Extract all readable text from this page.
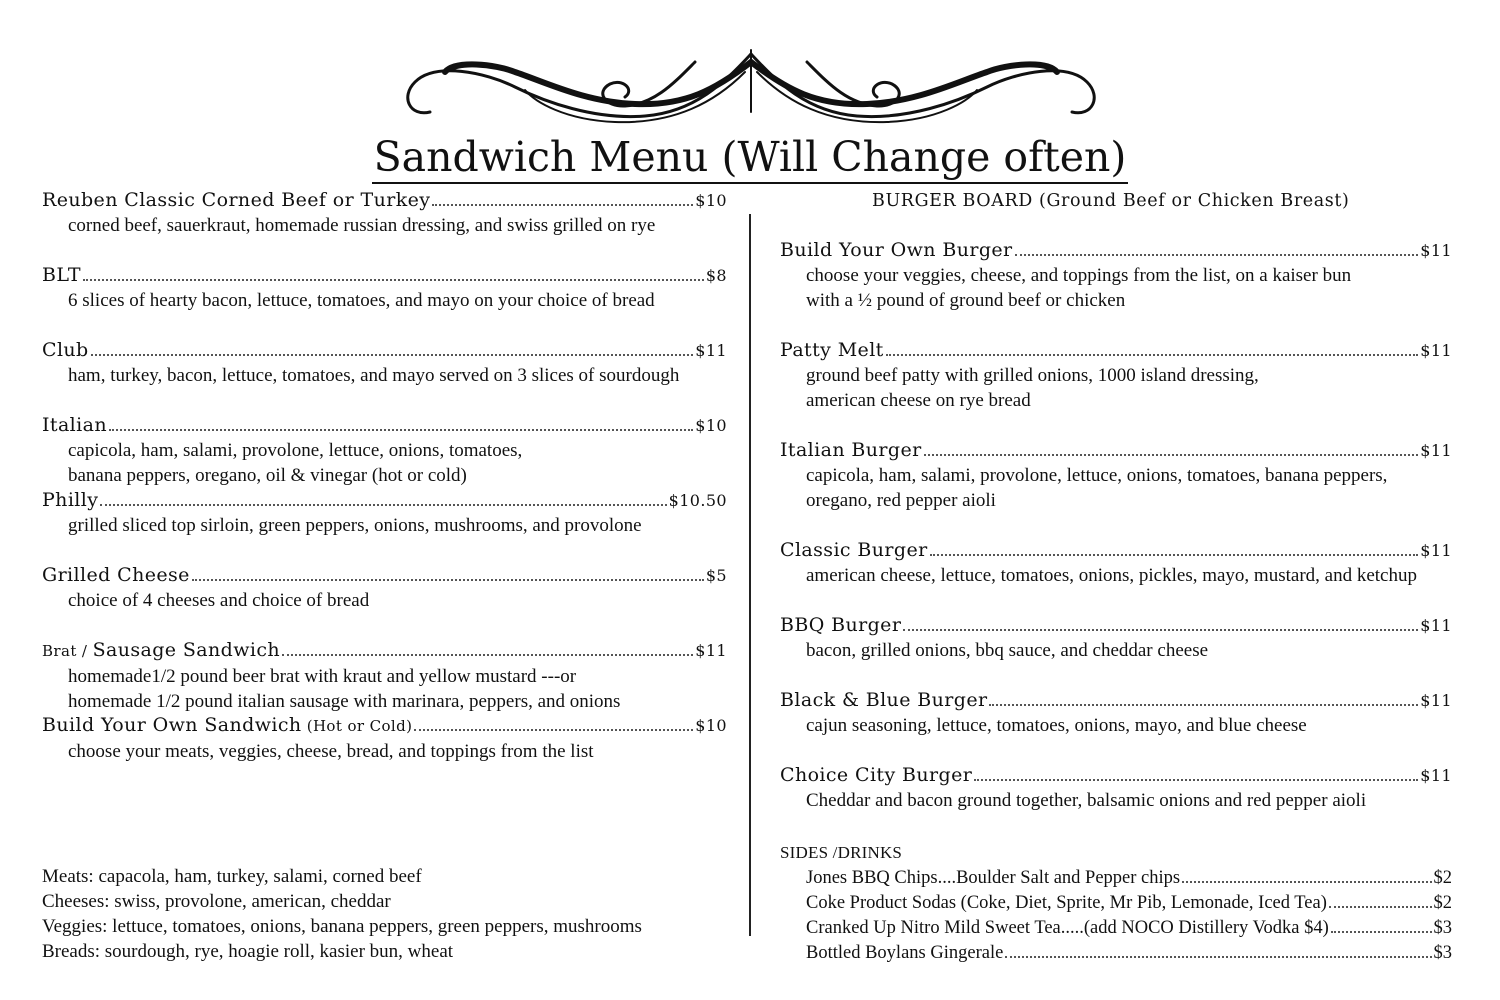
Sandwich Menu (Will Change often)
Reuben Classic Corned Beef or Turkey	$10
corned beef, sauerkraut, homemade russian dressing, and swiss grilled on rye
BLT	$8
6 slices of hearty bacon, lettuce, tomatoes, and mayo on your choice of bread
Club	$11
ham, turkey, bacon, lettuce, tomatoes, and mayo served on 3 slices of sourdough
Italian	$10
capicola, ham, salami, provolone, lettuce, onions, tomatoes,
banana peppers, oregano, oil & vinegar (hot or cold)
Philly	$10.50
grilled sliced top sirloin, green peppers, onions, mushrooms, and provolone
Grilled Cheese	$5
choice of 4 cheeses and choice of bread
Brat / Sausage Sandwich	$11
homemade1/2 pound beer brat with kraut and yellow mustard ---or
homemade 1/2 pound italian sausage with marinara, peppers, and onions
Build Your Own Sandwich (Hot or Cold)	$10
choose your meats, veggies, cheese, bread, and toppings from the list
Meats: capacola, ham, turkey, salami, corned beef
Cheeses: swiss, provolone, american, cheddar
Veggies: lettuce, tomatoes, onions, banana peppers, green peppers, mushrooms
Breads: sourdough, rye, hoagie roll, kasier bun, wheat
BURGER BOARD (Ground Beef or Chicken Breast)
Build Your Own Burger	$11
choose your veggies, cheese, and toppings from the list, on a kaiser bun
with a ½ pound of ground beef or chicken
Patty Melt	$11
ground beef patty with grilled onions, 1000 island dressing,
american cheese on rye bread
Italian Burger	$11
capicola, ham, salami, provolone, lettuce, onions, tomatoes, banana peppers,
oregano, red pepper aioli
Classic Burger	$11
american cheese, lettuce, tomatoes, onions, pickles, mayo, mustard, and ketchup
BBQ Burger	$11
bacon, grilled onions, bbq sauce, and cheddar cheese
Black & Blue Burger	$11
cajun seasoning, lettuce, tomatoes, onions, mayo, and blue cheese
Choice City Burger	$11
Cheddar and bacon ground together, balsamic onions and red pepper aioli
SIDES /DRINKS
Jones BBQ Chips....Boulder Salt and Pepper chips	$2
Coke Product Sodas (Coke, Diet, Sprite, Mr Pib, Lemonade, Iced Tea)	$2
Cranked Up Nitro Mild Sweet Tea.....(add NOCO Distillery Vodka $4)	$3
Bottled Boylans Gingerale	$3
